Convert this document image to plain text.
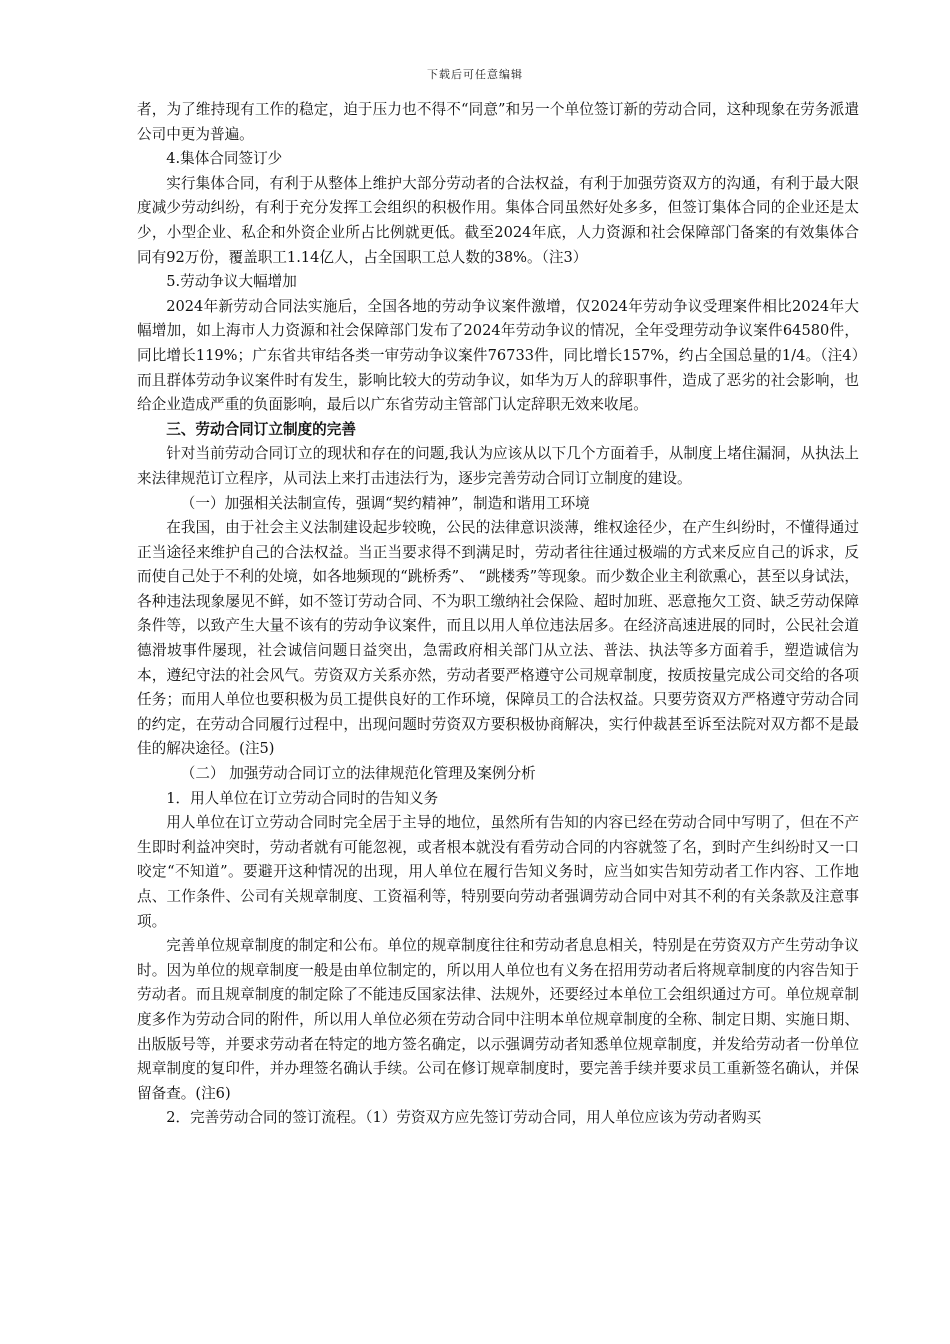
下载后可任意编辑

者，为了维持现有工作的稳定，迫于压力也不得不“同意”和另一个单位签订新的劳动合同，这种现象在劳务派遣公司中更为普遍。

4.集体合同签订少

实行集体合同，有利于从整体上维护大部分劳动者的合法权益，有利于加强劳资双方的沟通，有利于最大限度减少劳动纠纷，有利于充分发挥工会组织的积极作用。集体合同虽然好处多多，但签订集体合同的企业还是太少，小型企业、私企和外资企业所占比例就更低。截至2024年底，人力资源和社会保障部门备案的有效集体合同有92万份，覆盖职工1.14亿人，占全国职工总人数的38%。（注3）

5.劳动争议大幅增加

2024年新劳动合同法实施后，全国各地的劳动争议案件激增，仅2024年劳动争议受理案件相比2024年大幅增加，如上海市人力资源和社会保障部门发布了2024年劳动争议的情况，全年受理劳动争议案件64580件，同比增长119%；广东省共审结各类一审劳动争议案件76733件，同比增长157%，约占全国总量的1/4。（注4）而且群体劳动争议案件时有发生，影响比较大的劳动争议，如华为万人的辞职事件，造成了恶劣的社会影响，也给企业造成严重的负面影响，最后以广东省劳动主管部门认定辞职无效来收尾。

三、劳动合同订立制度的完善

针对当前劳动合同订立的现状和存在的问题,我认为应该从以下几个方面着手，从制度上堵住漏洞，从执法上来法律规范订立程序，从司法上来打击违法行为，逐步完善劳动合同订立制度的建设。

（一）加强相关法制宣传，强调“契约精神”，制造和谐用工环境

在我国，由于社会主义法制建设起步较晚，公民的法律意识淡薄，维权途径少，在产生纠纷时，不懂得通过正当途径来维护自己的合法权益。当正当要求得不到满足时，劳动者往往通过极端的方式来反应自己的诉求，反而使自己处于不利的处境，如各地频现的“跳桥秀”、 “跳楼秀”等现象。而少数企业主利欲熏心，甚至以身试法，各种违法现象屡见不鲜，如不签订劳动合同、不为职工缴纳社会保险、超时加班、恶意拖欠工资、缺乏劳动保障条件等，以致产生大量不该有的劳动争议案件，而且以用人单位违法居多。在经济高速进展的同时，公民社会道德滑坡事件屡现，社会诚信问题日益突出，急需政府相关部门从立法、普法、执法等多方面着手，塑造诚信为本，遵纪守法的社会风气。劳资双方关系亦然，劳动者要严格遵守公司规章制度，按质按量完成公司交给的各项任务；而用人单位也要积极为员工提供良好的工作环境，保障员工的合法权益。只要劳资双方严格遵守劳动合同的约定，在劳动合同履行过程中，出现问题时劳资双方要积极协商解决，实行仲裁甚至诉至法院对双方都不是最佳的解决途径。(注5)

（二） 加强劳动合同订立的法律规范化管理及案例分析

1．用人单位在订立劳动合同时的告知义务

用人单位在订立劳动合同时完全居于主导的地位，虽然所有告知的内容已经在劳动合同中写明了，但在不产生即时利益冲突时，劳动者就有可能忽视，或者根本就没有看劳动合同的内容就签了名，到时产生纠纷时又一口咬定“不知道”。要避开这种情况的出现，用人单位在履行告知义务时，应当如实告知劳动者工作内容、工作地点、工作条件、公司有关规章制度、工资福利等，特别要向劳动者强调劳动合同中对其不利的有关条款及注意事项。

完善单位规章制度的制定和公布。单位的规章制度往往和劳动者息息相关，特别是在劳资双方产生劳动争议时。因为单位的规章制度一般是由单位制定的，所以用人单位也有义务在招用劳动者后将规章制度的内容告知于劳动者。而且规章制度的制定除了不能违反国家法律、法规外，还要经过本单位工会组织通过方可。单位规章制度多作为劳动合同的附件，所以用人单位必须在劳动合同中注明本单位规章制度的全称、制定日期、实施日期、出版版号等，并要求劳动者在特定的地方签名确定，以示强调劳动者知悉单位规章制度，并发给劳动者一份单位规章制度的复印件，并办理签名确认手续。公司在修订规章制度时，要完善手续并要求员工重新签名确认，并保留备查。(注6)

2．完善劳动合同的签订流程。（1）劳资双方应先签订劳动合同，用人单位应该为劳动者购买
